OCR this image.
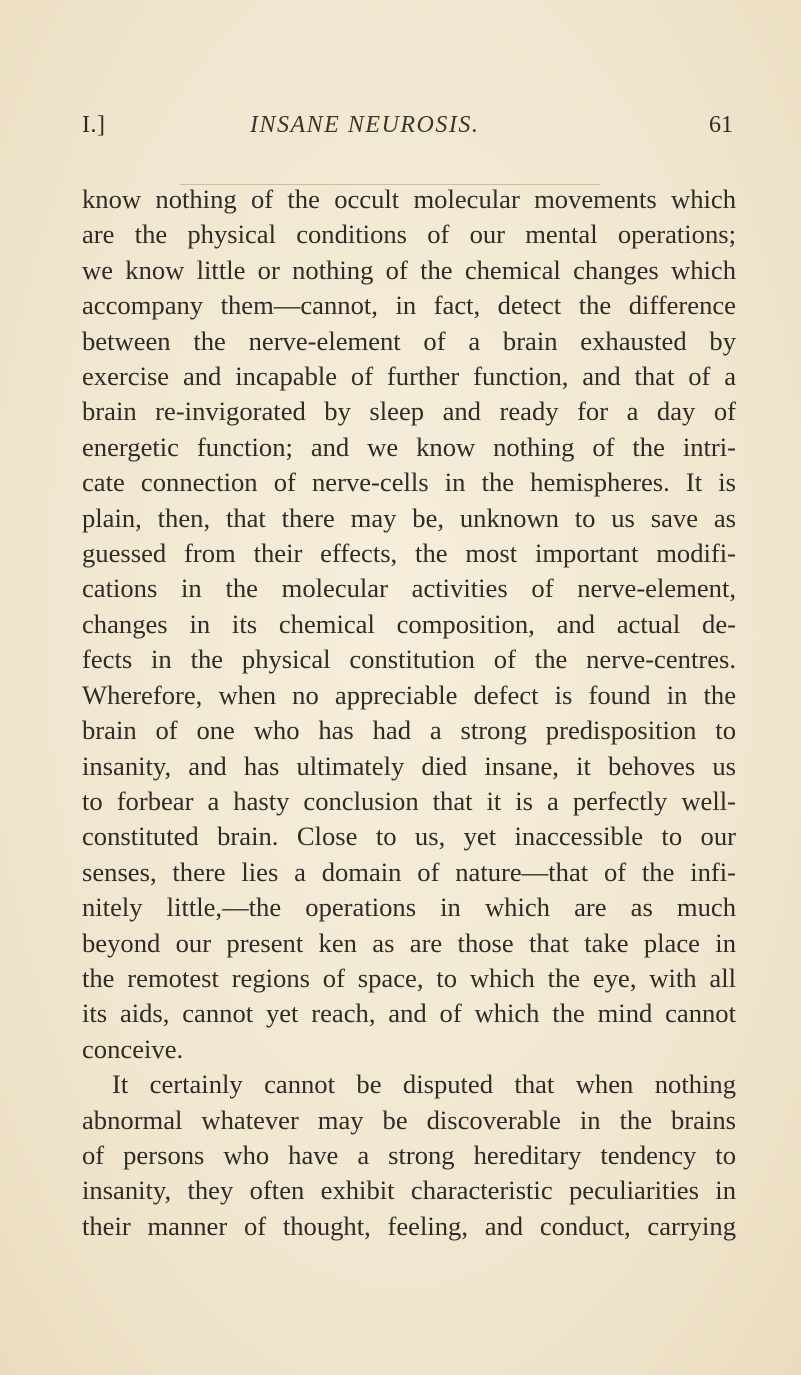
I.]	INSANE NEUROSIS.	61
know nothing of the occult molecular movements which
are the physical conditions of our mental operations;
we know little or nothing of the chemical changes which
accompany them—cannot, in fact, detect the difference
between the nerve-element of a brain exhausted by
exercise and incapable of further function, and that of a
brain re-invigorated by sleep and ready for a day of
energetic function; and we know nothing of the intri-
cate connection of nerve-cells in the hemispheres. It is
plain, then, that there may be, unknown to us save as
guessed from their effects, the most important modifi-
cations in the molecular activities of nerve-element,
changes in its chemical composition, and actual de-
fects in the physical constitution of the nerve-centres.
Wherefore, when no appreciable defect is found in the
brain of one who has had a strong predisposition to
insanity, and has ultimately died insane, it behoves us
to forbear a hasty conclusion that it is a perfectly well-
constituted brain. Close to us, yet inaccessible to our
senses, there lies a domain of nature—that of the infi-
nitely little,—the operations in which are as much
beyond our present ken as are those that take place in
the remotest regions of space, to which the eye, with all
its aids, cannot yet reach, and of which the mind cannot
conceive.
It certainly cannot be disputed that when nothing
abnormal whatever may be discoverable in the brains
of persons who have a strong hereditary tendency to
insanity, they often exhibit characteristic peculiarities in
their manner of thought, feeling, and conduct, carrying
